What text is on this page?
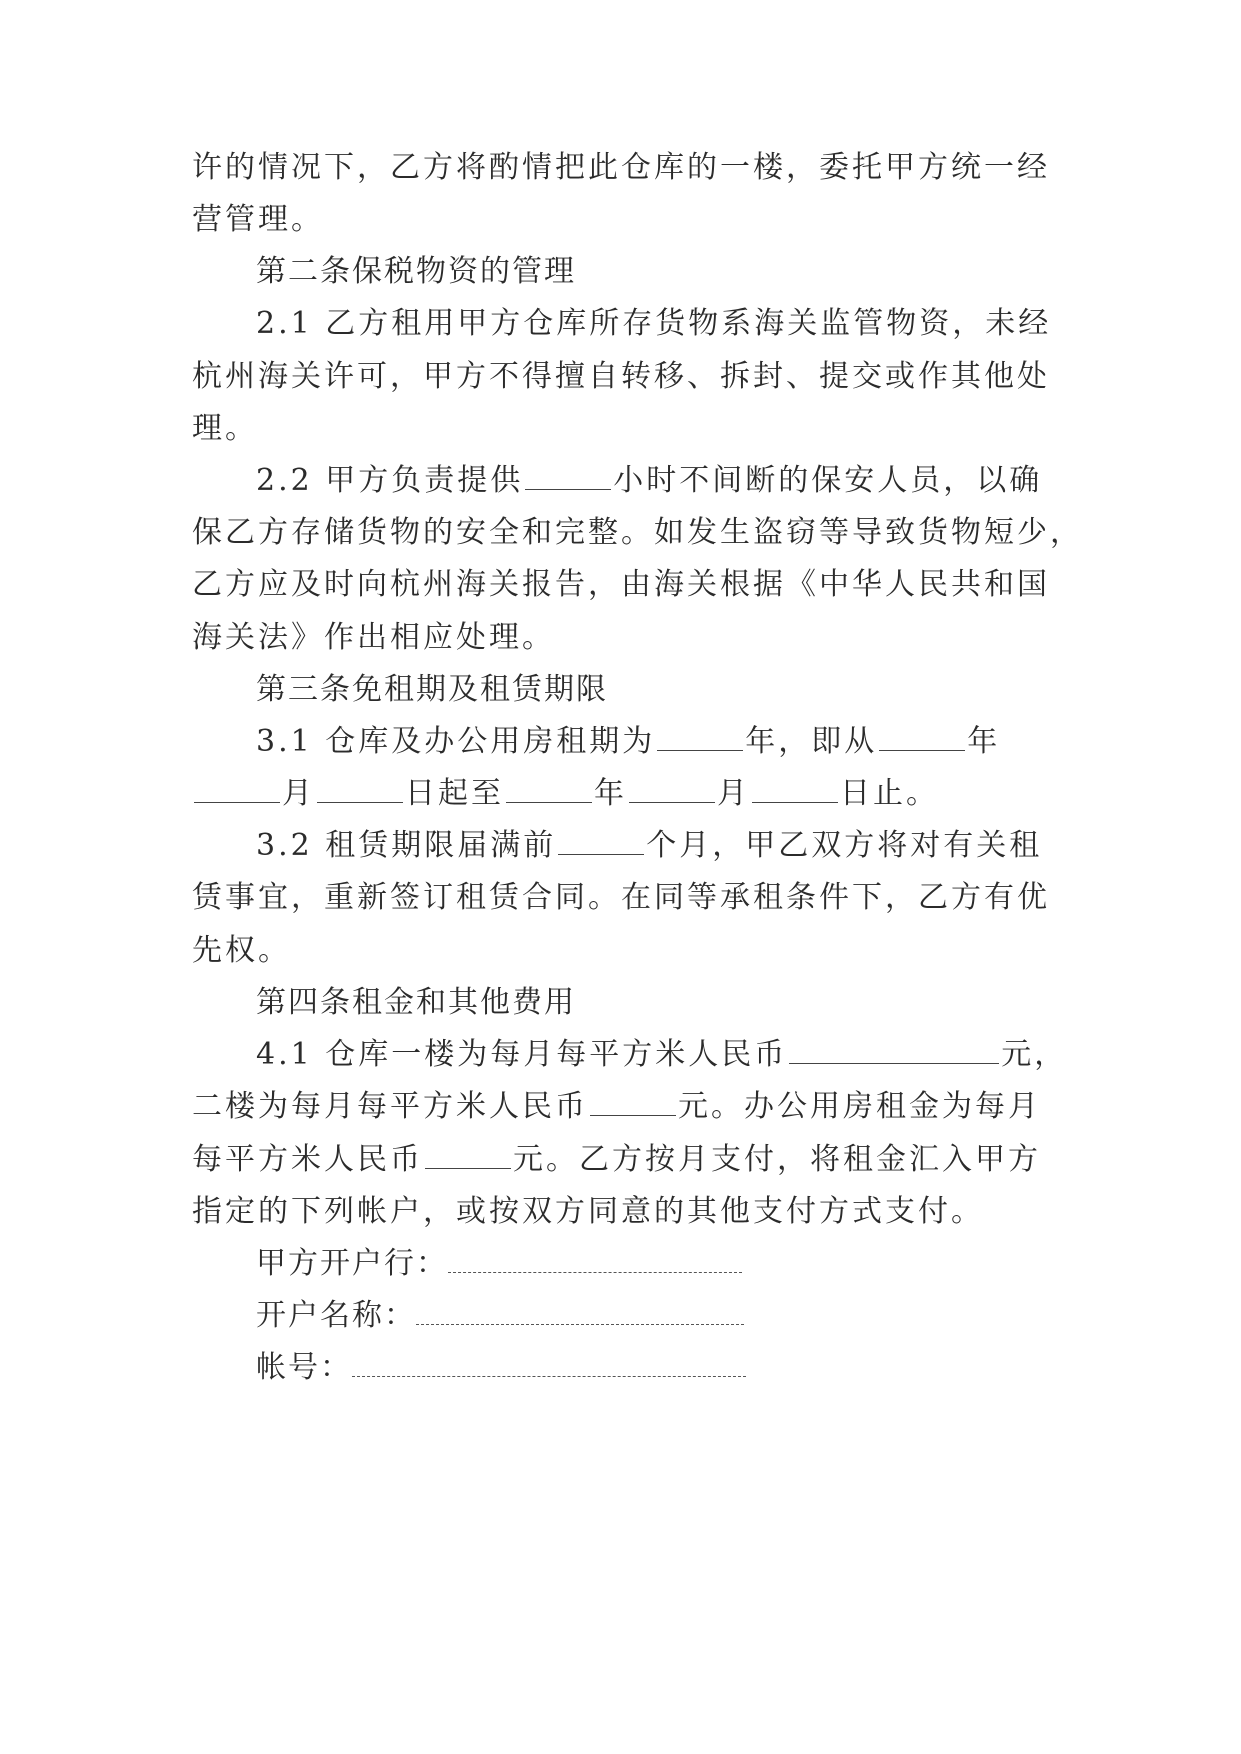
许的情况下，乙方将酌情把此仓库的一楼，委托甲方统一经
营管理。
第二条保税物资的管理
2.1 乙方租用甲方仓库所存货物系海关监管物资，未经
杭州海关许可，甲方不得擅自转移、拆封、提交或作其他处
理。
2.2 甲方负责提供	小时不间断的保安人员，以确
保乙方存储货物的安全和完整。如发生盗窃等导致货物短少，
乙方应及时向杭州海关报告，由海关根据《中华人民共和国
海关法》作出相应处理。
第三条免租期及租赁期限
3.1 仓库及办公用房租期为	年，即从	年
月	日起至	年	月	日止。
3.2 租赁期限届满前	个月，甲乙双方将对有关租
赁事宜，重新签订租赁合同。在同等承租条件下，乙方有优
先权。
第四条租金和其他费用
4.1 仓库一楼为每月每平方米人民币	元，
二楼为每月每平方米人民币	元。办公用房租金为每月
每平方米人民币	元。乙方按月支付，将租金汇入甲方
指定的下列帐户，或按双方同意的其他支付方式支付。
甲方开户行：
开户名称：
帐号：
